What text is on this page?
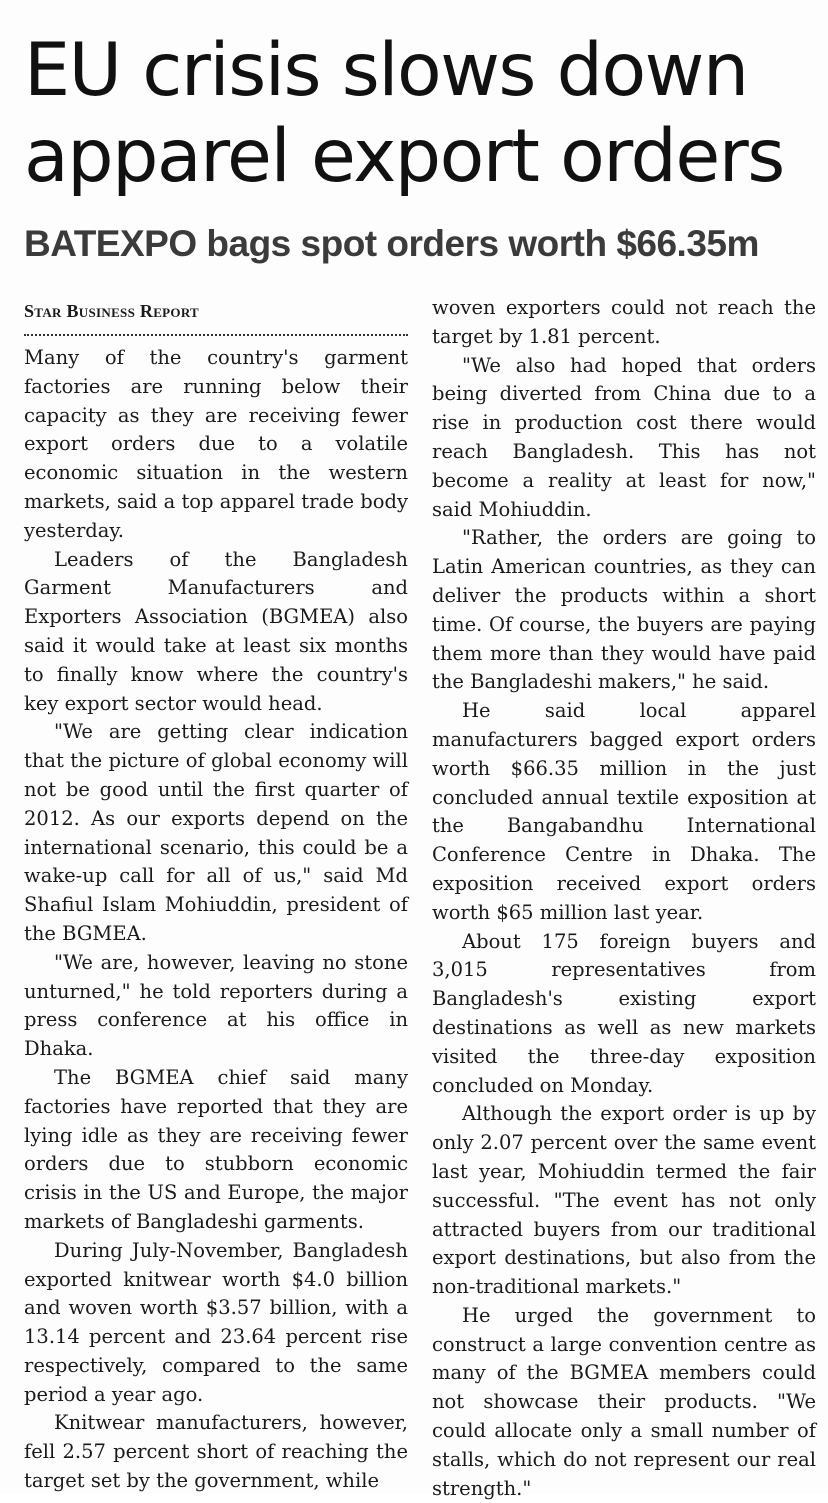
EU crisis slows down apparel export orders
BATEXPO bags spot orders worth $66.35m
Star Business Report

Many of the country's garment factories are running below their capacity as they are receiving fewer export orders due to a volatile economic situation in the western markets, said a top apparel trade body yesterday.

Leaders of the Bangladesh Garment Manufacturers and Exporters Association (BGMEA) also said it would take at least six months to finally know where the country's key export sector would head.

"We are getting clear indication that the picture of global economy will not be good until the first quarter of 2012. As our exports depend on the international scenario, this could be a wake-up call for all of us," said Md Shafiul Islam Mohiuddin, president of the BGMEA.

"We are, however, leaving no stone unturned," he told reporters during a press conference at his office in Dhaka.

The BGMEA chief said many factories have reported that they are lying idle as they are receiving fewer orders due to stubborn economic crisis in the US and Europe, the major markets of Bangladeshi garments.

During July-November, Bangladesh exported knitwear worth $4.0 billion and woven worth $3.57 billion, with a 13.14 percent and 23.64 percent rise respectively, compared to the same period a year ago.

Knitwear manufacturers, however, fell 2.57 percent short of reaching the target set by the government, while

woven exporters could not reach the target by 1.81 percent.

"We also had hoped that orders being diverted from China due to a rise in production cost there would reach Bangladesh. This has not become a reality at least for now," said Mohiuddin.

"Rather, the orders are going to Latin American countries, as they can deliver the products within a short time. Of course, the buyers are paying them more than they would have paid the Bangladeshi makers," he said.

He said local apparel manufacturers bagged export orders worth $66.35 million in the just concluded annual textile exposition at the Bangabandhu International Conference Centre in Dhaka. The exposition received export orders worth $65 million last year.

About 175 foreign buyers and 3,015 representatives from Bangladesh's existing export destinations as well as new markets visited the three-day exposition concluded on Monday.

Although the export order is up by only 2.07 percent over the same event last year, Mohiuddin termed the fair successful. "The event has not only attracted buyers from our traditional export destinations, but also from the non-traditional markets."

He urged the government to construct a large convention centre as many of the BGMEA members could not showcase their products. "We could allocate only a small number of stalls, which do not represent our real strength."
